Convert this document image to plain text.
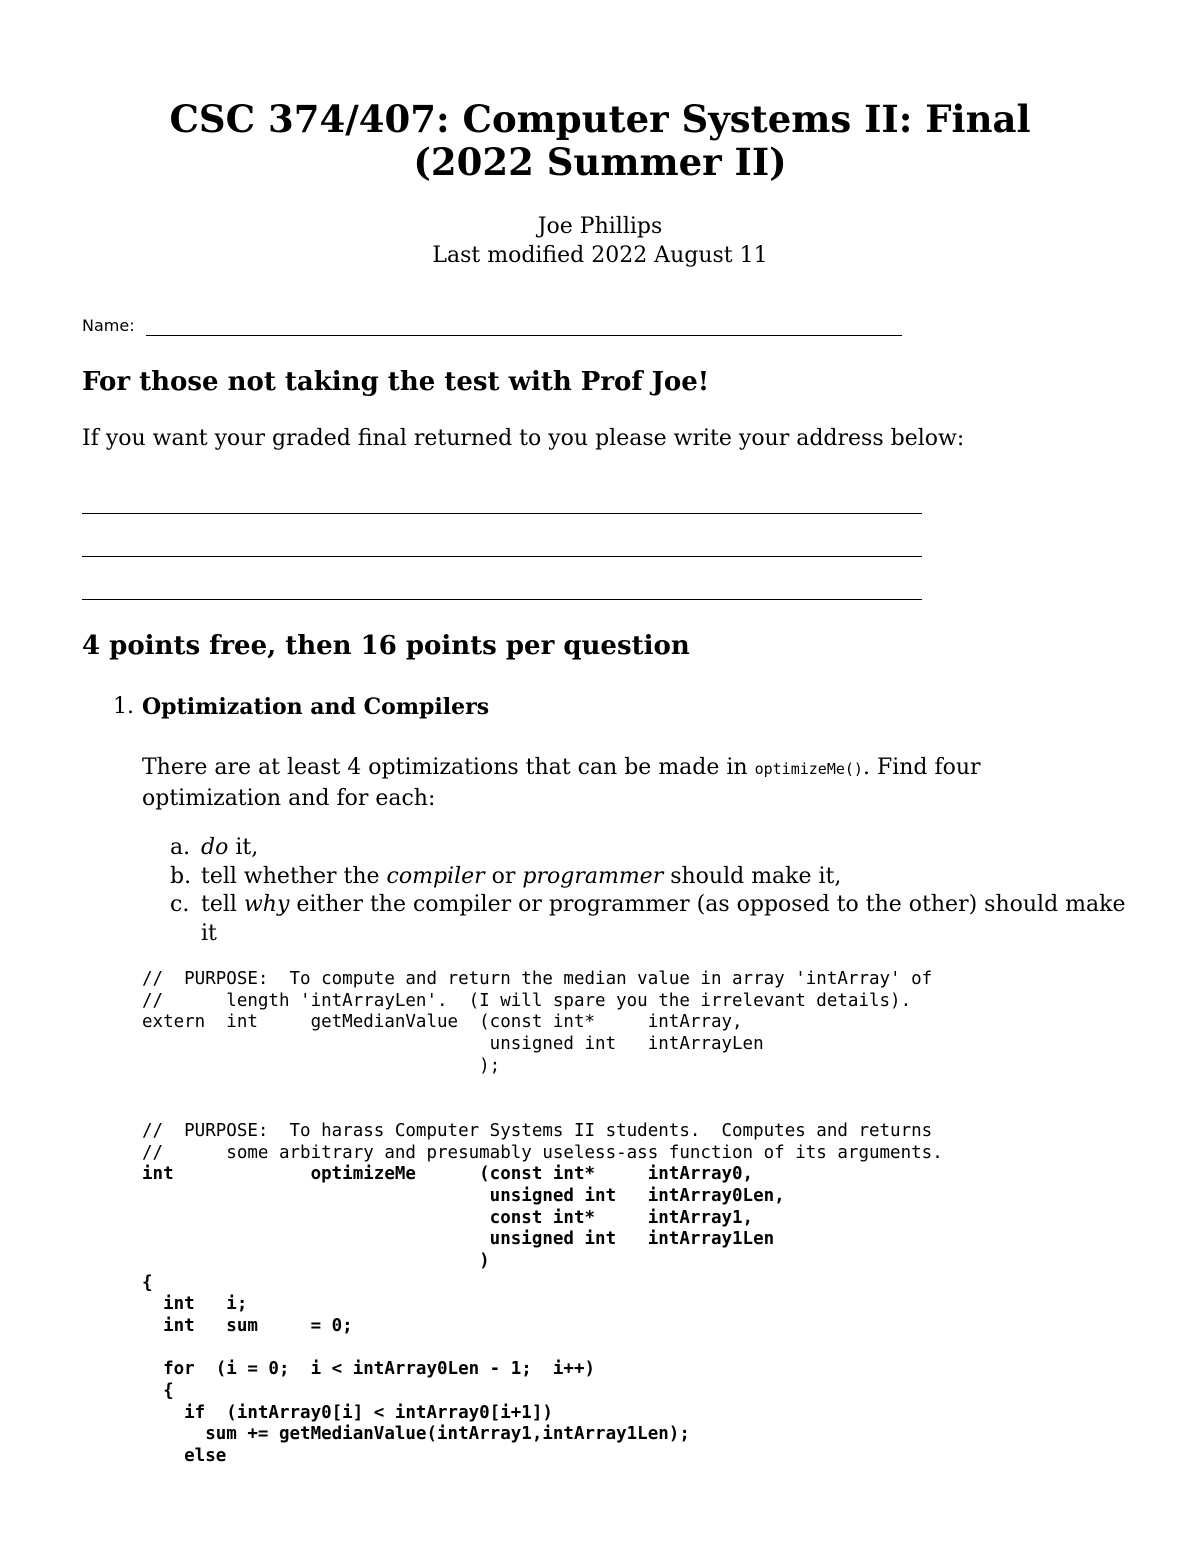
CSC 374/407: Computer Systems II: Final
(2022 Summer II)
Joe Phillips
Last modified 2022 August 11
Name:
For those not taking the test with Prof Joe!
If you want your graded final returned to you please write your address below:
4 points free, then 16 points per question
1. Optimization and Compilers
There are at least 4 optimizations that can be made in optimizeMe(). Find four optimization and for each:
a. do it,
b. tell whether the compiler or programmer should make it,
c. tell why either the compiler or programmer (as opposed to the other) should make it
//  PURPOSE:  To compute and return the median value in array 'intArray' of
//      length 'intArrayLen'.  (I will spare you the irrelevant details).
extern  int     getMedianValue  (const int*     intArray,
unsigned int   intArrayLen
);
//  PURPOSE:  To harass Computer Systems II students.  Computes and returns
//      some arbitrary and presumably useless-ass function of its arguments.
int             optimizeMe      (const int*     intArray0,
unsigned int   intArray0Len,
const int*     intArray1,
unsigned int   intArray1Len
)
{
int   i;
int   sum     = 0;
for  (i = 0;  i < intArray0Len - 1;  i++)
{
if  (intArray0[i] < intArray0[i+1])
sum += getMedianValue(intArray1,intArray1Len);
else
